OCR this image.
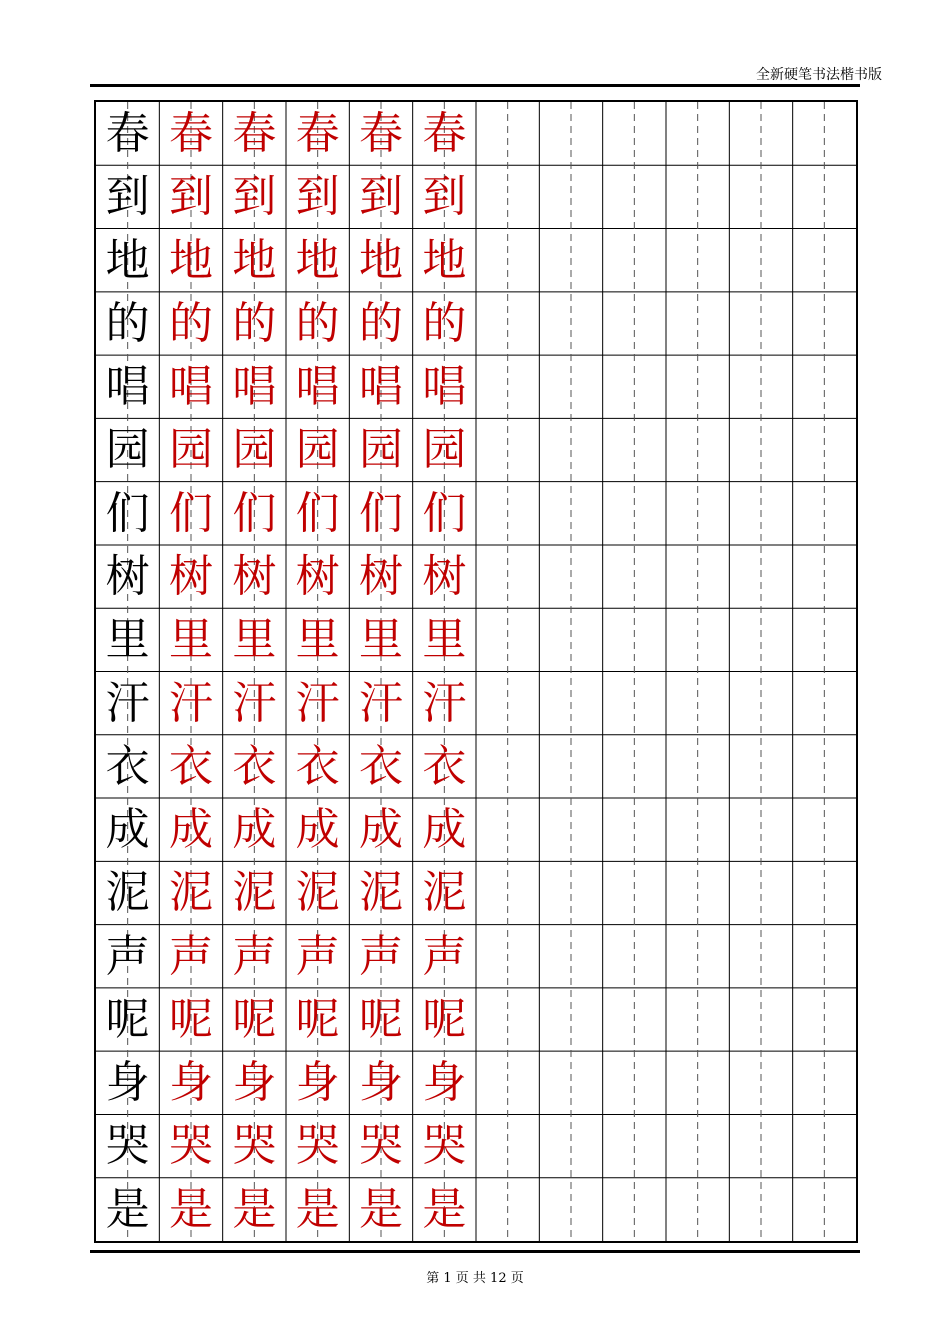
全新硬笔书法楷书版
春 春 春 春 春 春
到 到 到 到 到 到
地 地 地 地 地 地
的 的 的 的 的 的
唱 唱 唱 唱 唱 唱
园 园 园 园 园 园
们 们 们 们 们 们
树 树 树 树 树 树
里 里 里 里 里 里
汗 汗 汗 汗 汗 汗
衣 衣 衣 衣 衣 衣
成 成 成 成 成 成
泥 泥 泥 泥 泥 泥
声 声 声 声 声 声
呢 呢 呢 呢 呢 呢
身 身 身 身 身 身
哭 哭 哭 哭 哭 哭
是 是 是 是 是 是
第 1 页 共 12 页
